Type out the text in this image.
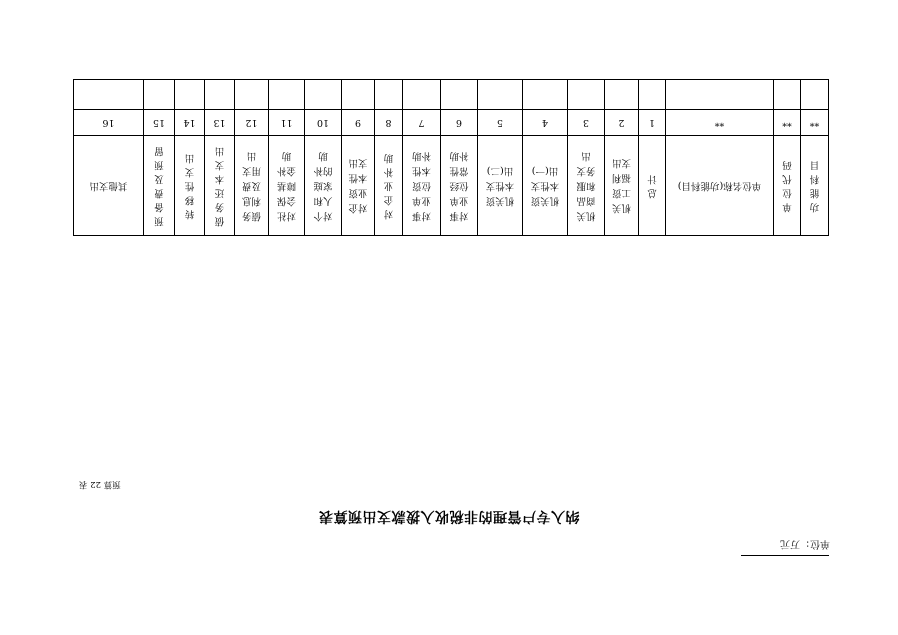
纳入专户管理的非税收入拨款支出预算表
预算 22 表
单位：万元
功能科目	单位代码	单位名称(功能科目)	总计	机关工资福利支出	机关商品和服务支出	机关资本性支出(一)	机关资本性支出(二)	对事业单位经常性补助	对事业单位资本性补助	对企业补助	对企业资本性支出	对个人和家庭的补助	对社会保障基金补助	债务利息及费用支出	债务还本支出	转移性支出	预备费及预留	其他支出
**	**	**	1	2	3	4	5	6	7	8	9	10	11	12	13	14	15	16
